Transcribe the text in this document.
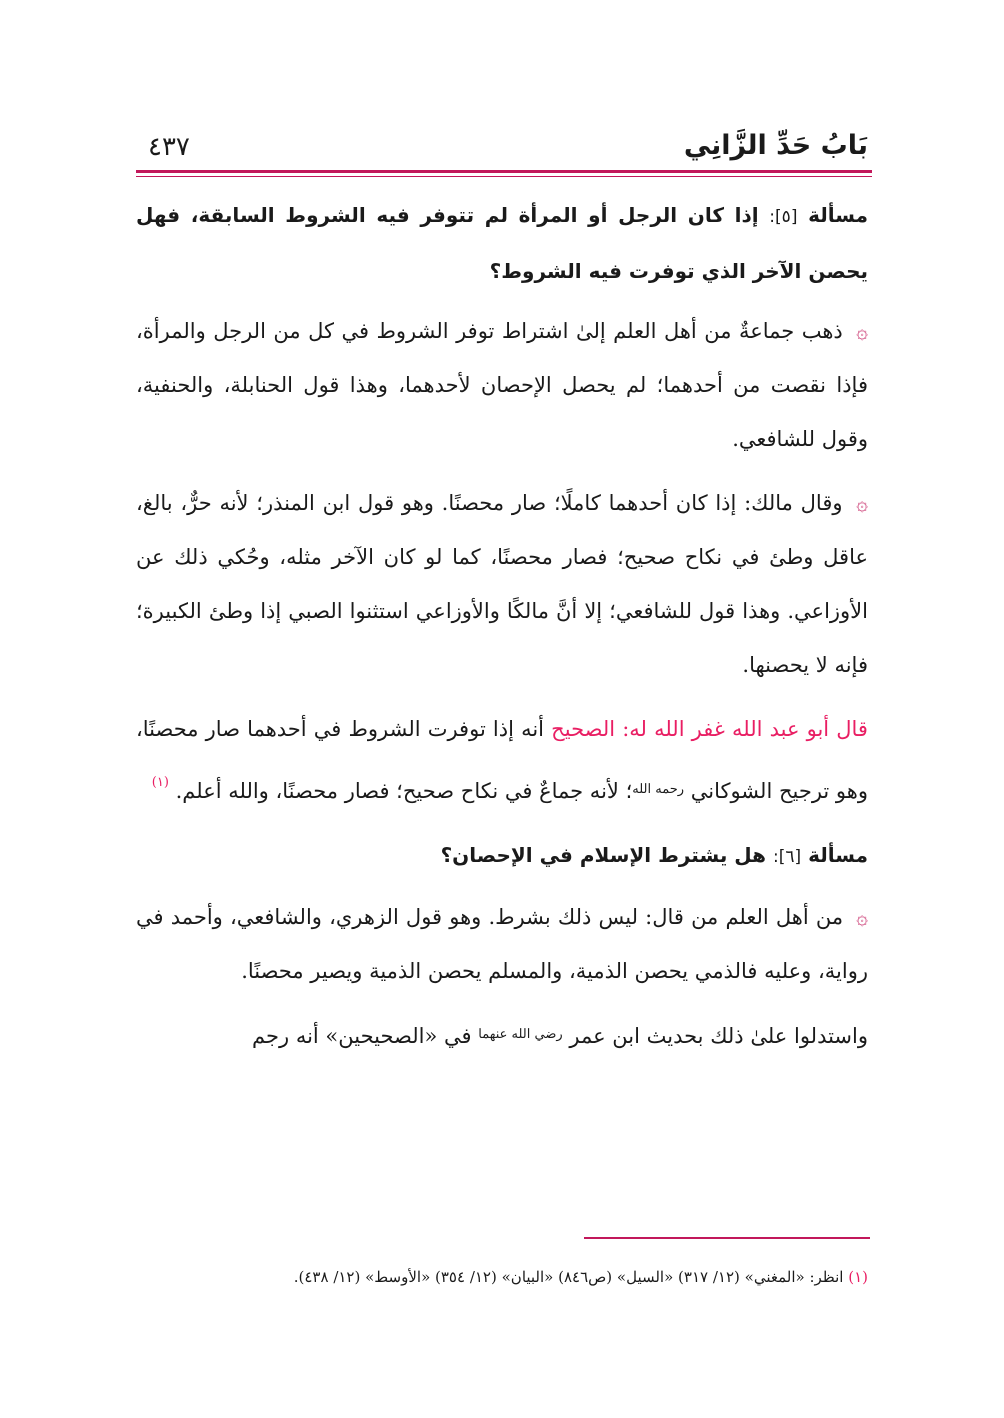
٤٣٧	بَابُ حَدِّ الزَّانِي

مسألة [٥]: إذا كان الرجل أو المرأة لم تتوفر فيه الشروط السابقة، فهل يحصن الآخر الذي توفرت فيه الشروط؟

۞ ذهب جماعةٌ من أهل العلم إلىٰ اشتراط توفر الشروط في كل من الرجل والمرأة، فإذا نقصت من أحدهما؛ لم يحصل الإحصان لأحدهما، وهذا قول الحنابلة، والحنفية، وقول للشافعي.

۞ وقال مالك: إذا كان أحدهما كاملًا؛ صار محصنًا. وهو قول ابن المنذر؛ لأنه حرٌّ، بالغ، عاقل وطئ في نكاح صحيح؛ فصار محصنًا، كما لو كان الآخر مثله، وحُكي ذلك عن الأوزاعي. وهذا قول للشافعي؛ إلا أنَّ مالكًا والأوزاعي استثنوا الصبي إذا وطئ الكبيرة؛ فإنه لا يحصنها.

قال أبو عبد الله غفر الله له: الصحيح أنه إذا توفرت الشروط في أحدهما صار محصنًا، وهو ترجيح الشوكاني $^{رحمه الله}$؛ لأنه جماعٌ في نكاح صحيح؛ فصار محصنًا، والله أعلم. $^{(١)}$

مسألة [٦]: هل يشترط الإسلام في الإحصان؟

۞ من أهل العلم من قال: ليس ذلك بشرط. وهو قول الزهري، والشافعي، وأحمد في رواية، وعليه فالذمي يحصن الذمية، والمسلم يحصن الذمية ويصير محصنًا.

واستدلوا علىٰ ذلك بحديث ابن عمر $^{رضي الله عنهما}$ في «الصحيحين» أنه رجم

(١) انظر: «المغني» (١٢/ ٣١٧) «السيل» (ص٨٤٦) «البيان» (١٢/ ٣٥٤) «الأوسط» (١٢/ ٤٣٨).
